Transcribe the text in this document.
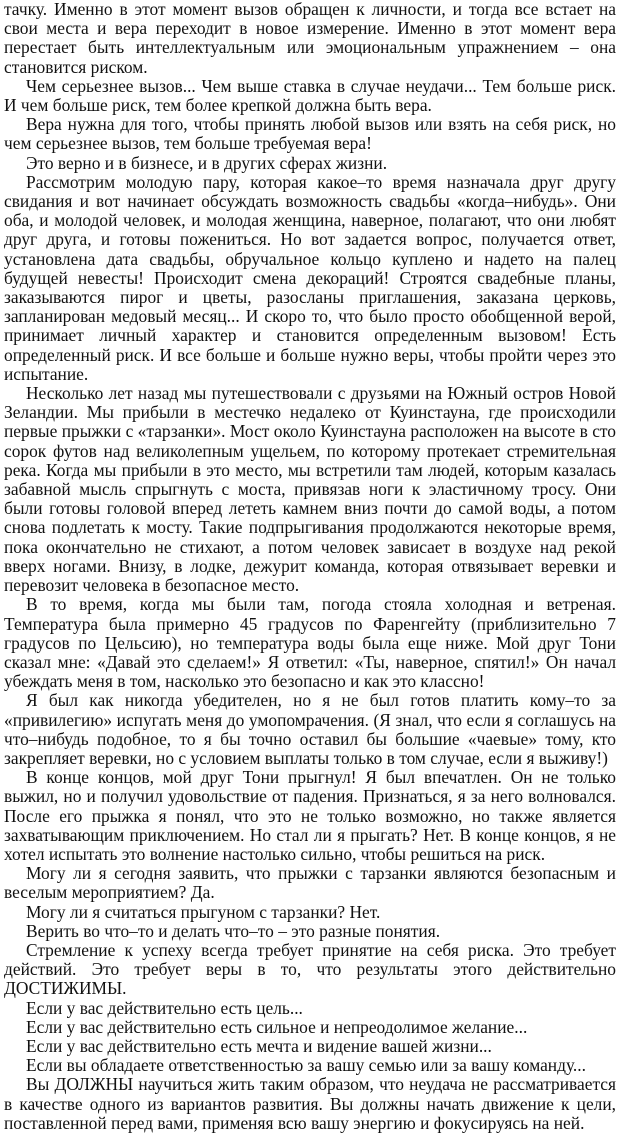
тачку. Именно в этот момент вызов обращен к личности, и тогда все встает на свои места и вера переходит в новое измерение. Именно в этот момент вера перестает быть интеллектуальным или эмоциональным упражнением – она становится риском.

Чем серьезнее вызов... Чем выше ставка в случае неудачи... Тем больше риск. И чем больше риск, тем более крепкой должна быть вера.

Вера нужна для того, чтобы принять любой вызов или взять на себя риск, но чем серьезнее вызов, тем больше требуемая вера!

Это верно и в бизнесе, и в других сферах жизни.

Рассмотрим молодую пару, которая какое–то время назначала друг другу свидания и вот начинает обсуждать возможность свадьбы «когда–нибудь». Они оба, и молодой человек, и молодая женщина, наверное, полагают, что они любят друг друга, и готовы пожениться. Но вот задается вопрос, получается ответ, установлена дата свадьбы, обручальное кольцо куплено и надето на палец будущей невесты! Происходит смена декораций! Строятся свадебные планы, заказываются пирог и цветы, разосланы приглашения, заказана церковь, запланирован медовый месяц... И скоро то, что было просто обобщенной верой, принимает личный характер и становится определенным вызовом! Есть определенный риск. И все больше и больше нужно веры, чтобы пройти через это испытание.

Несколько лет назад мы путешествовали с друзьями на Южный остров Новой Зеландии. Мы прибыли в местечко недалеко от Куинстауна, где происходили первые прыжки с «тарзанки». Мост около Куинстауна расположен на высоте в сто сорок футов над великолепным ущельем, по которому протекает стремительная река. Когда мы прибыли в это место, мы встретили там людей, которым казалась забавной мысль спрыгнуть с моста, привязав ноги к эластичному тросу. Они были готовы головой вперед лететь камнем вниз почти до самой воды, а потом снова подлетать к мосту. Такие подпрыгивания продолжаются некоторые время, пока окончательно не стихают, а потом человек зависает в воздухе над рекой вверх ногами. Внизу, в лодке, дежурит команда, которая отвязывает веревки и перевозит человека в безопасное место.

В то время, когда мы были там, погода стояла холодная и ветреная. Температура была примерно 45 градусов по Фаренгейту (приблизительно 7 градусов по Цельсию), но температура воды была еще ниже. Мой друг Тони сказал мне: «Давай это сделаем!» Я ответил: «Ты, наверное, спятил!» Он начал убеждать меня в том, насколько это безопасно и как это классно!

Я был как никогда убедителен, но я не был готов платить кому–то за «привилегию» испугать меня до умопомрачения. (Я знал, что если я соглашусь на что–нибудь подобное, то я бы точно оставил бы большие «чаевые» тому, кто закрепляет веревки, но с условием выплаты только в том случае, если я выживу!)

В конце концов, мой друг Тони прыгнул! Я был впечатлен. Он не только выжил, но и получил удовольствие от падения. Признаться, я за него волновался. После его прыжка я понял, что это не только возможно, но также является захватывающим приключением. Но стал ли я прыгать? Нет. В конце концов, я не хотел испытать это волнение настолько сильно, чтобы решиться на риск.

Могу ли я сегодня заявить, что прыжки с тарзанки являются безопасным и веселым мероприятием? Да.

Могу ли я считаться прыгуном с тарзанки? Нет.

Верить во что–то и делать что–то – это разные понятия.

Стремление к успеху всегда требует принятие на себя риска. Это требует действий. Это требует веры в то, что результаты этого действительно ДОСТИЖИМЫ.

Если у вас действительно есть цель...

Если у вас действительно есть сильное и непреодолимое желание...

Если у вас действительно есть мечта и видение вашей жизни...

Если вы обладаете ответственностью за вашу семью или за вашу команду...

Вы ДОЛЖНЫ научиться жить таким образом, что неудача не рассматривается в качестве одного из вариантов развития. Вы должны начать движение к цели, поставленной перед вами, применяя всю вашу энергию и фокусируясь на ней.
